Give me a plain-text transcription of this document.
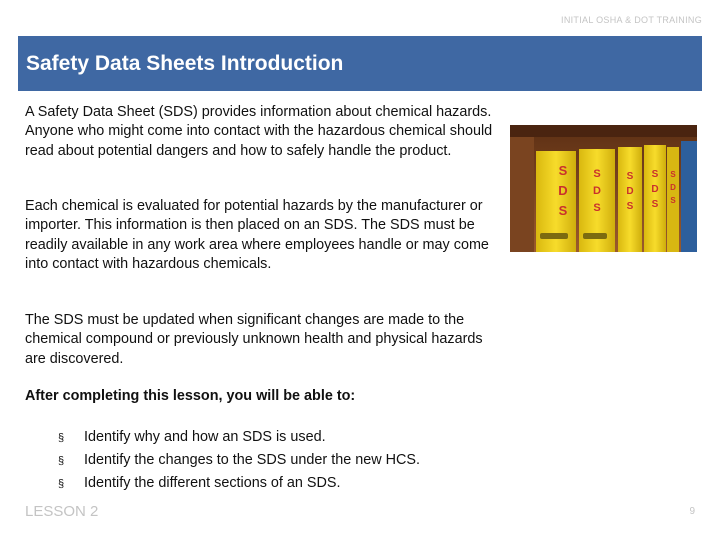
INITIAL OSHA & DOT TRAINING
Safety Data Sheets Introduction

A Safety Data Sheet (SDS) provides information about chemical hazards. Anyone who might come into contact with the hazardous chemical should read about potential dangers and how to safely handle the product.

Each chemical is evaluated for potential hazards by the manufacturer or importer. This information is then placed on an SDS. The SDS must be readily available in any work area where employees handle or may come into contact with hazardous chemicals.

The SDS must be updated when significant changes are made to the chemical compound or previously unknown health and physical hazards are discovered.

After completing this lesson, you will be able to:
§ Identify why and how an SDS is used.
§ Identify the changes to the SDS under the new HCS.
§ Identify the different sections of an SDS.
S
D
S
S
D
S
S
D
S
S
D
S
S
D
S
LESSON 2	9
